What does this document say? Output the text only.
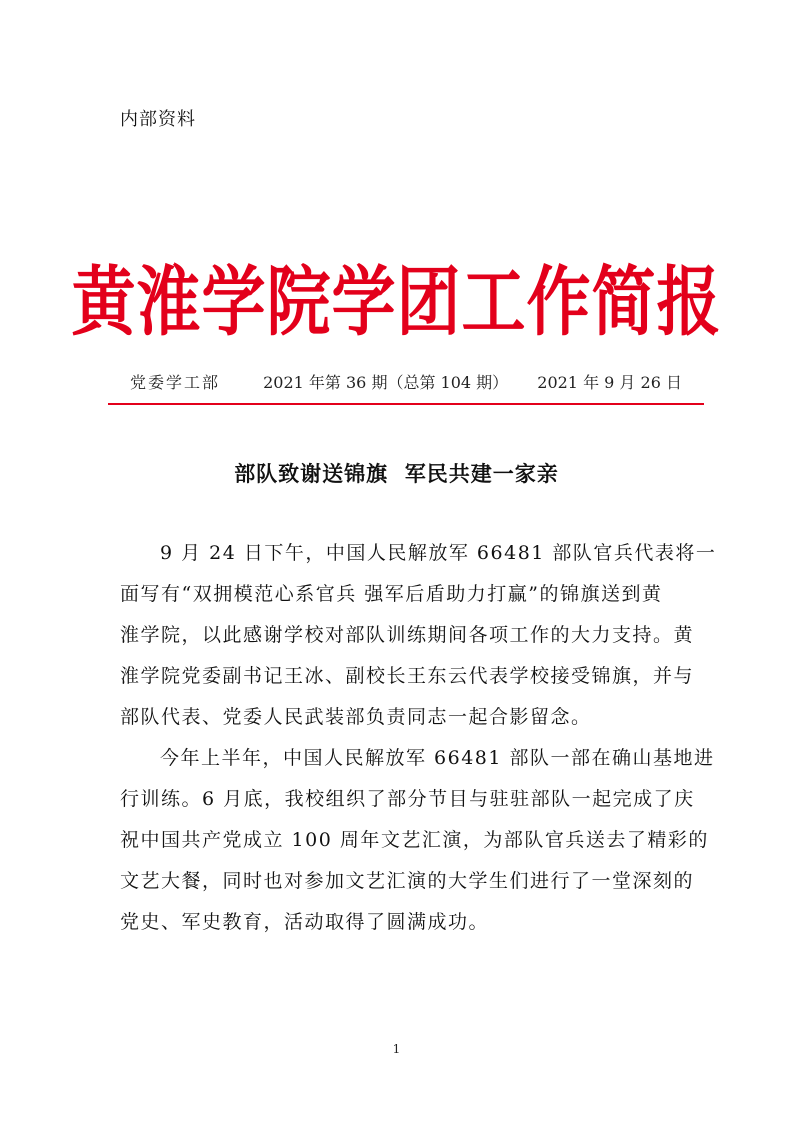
内部资料
黄淮学院学团工作简报
党委学工部	2021 年第 36 期（总第 104 期） 2021 年 9 月 26 日
部队致谢送锦旗  军民共建一家亲
9 月 24 日下午，中国人民解放军 66481 部队官兵代表将一
面写有“双拥模范心系官兵 强军后盾助力打赢”的锦旗送到黄
淮学院，以此感谢学校对部队训练期间各项工作的大力支持。黄
淮学院党委副书记王冰、副校长王东云代表学校接受锦旗，并与
部队代表、党委人民武装部负责同志一起合影留念。
今年上半年，中国人民解放军 66481 部队一部在确山基地进
行训练。6 月底，我校组织了部分节目与驻驻部队一起完成了庆
祝中国共产党成立 100 周年文艺汇演，为部队官兵送去了精彩的
文艺大餐，同时也对参加文艺汇演的大学生们进行了一堂深刻的
党史、军史教育，活动取得了圆满成功。
1
